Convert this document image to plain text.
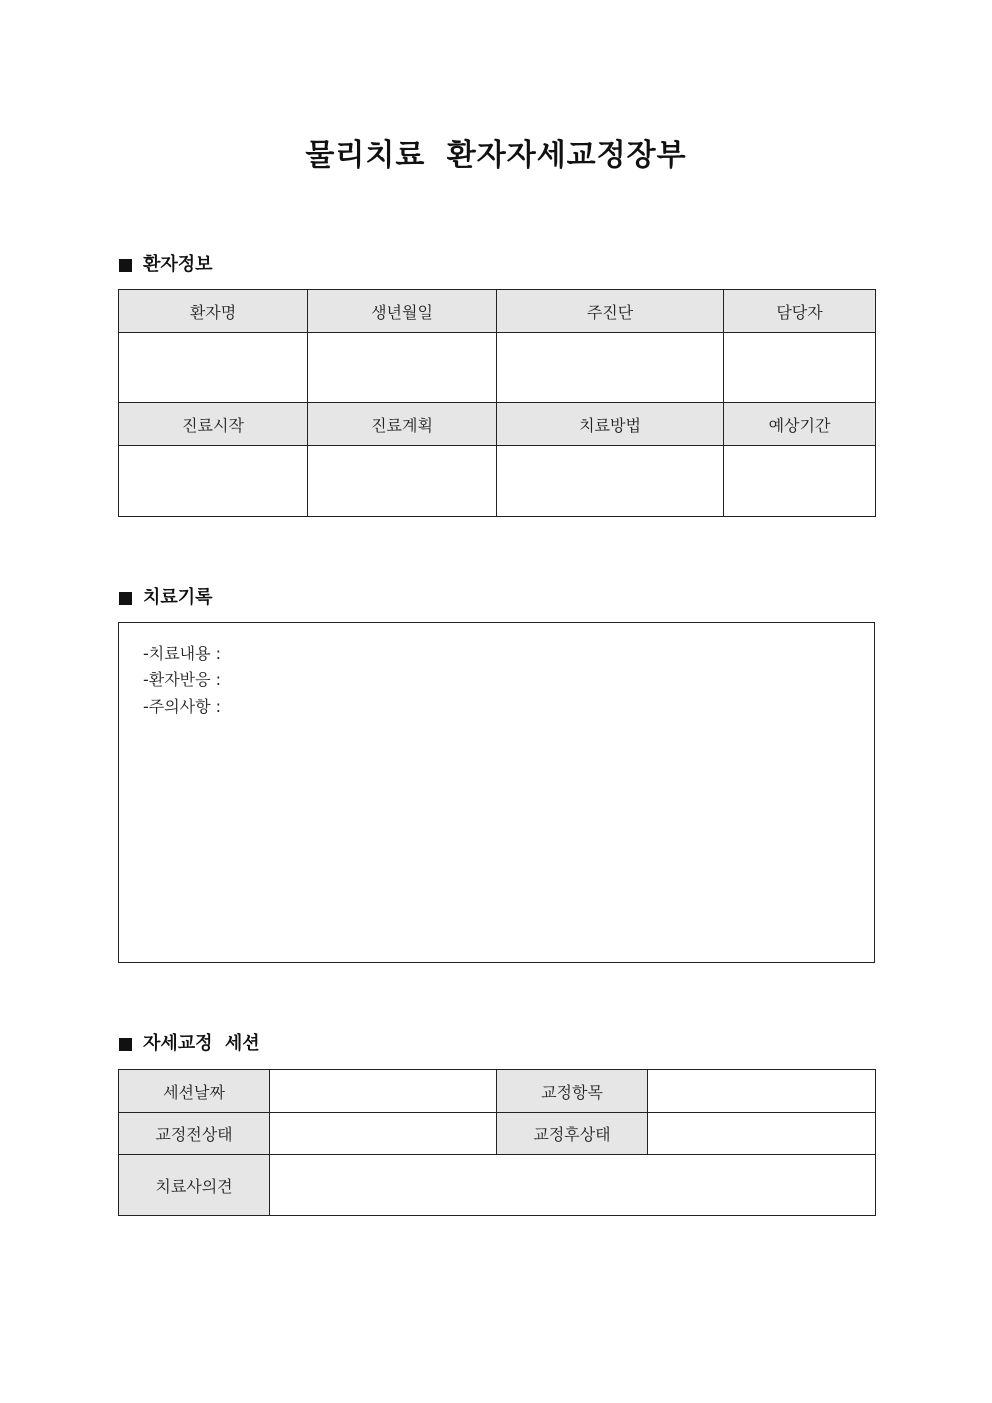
물리치료 환자자세교정장부
환자정보
환자명	생년월일	주진단	담당자

진료시작	진료계획	치료방법	예상기간

치료기록
-치료내용 :
-환자반응 :
-주의사항 :
자세교정 세션
세션날짜		교정항목	
교정전상태		교정후상태	
치료사의견			
